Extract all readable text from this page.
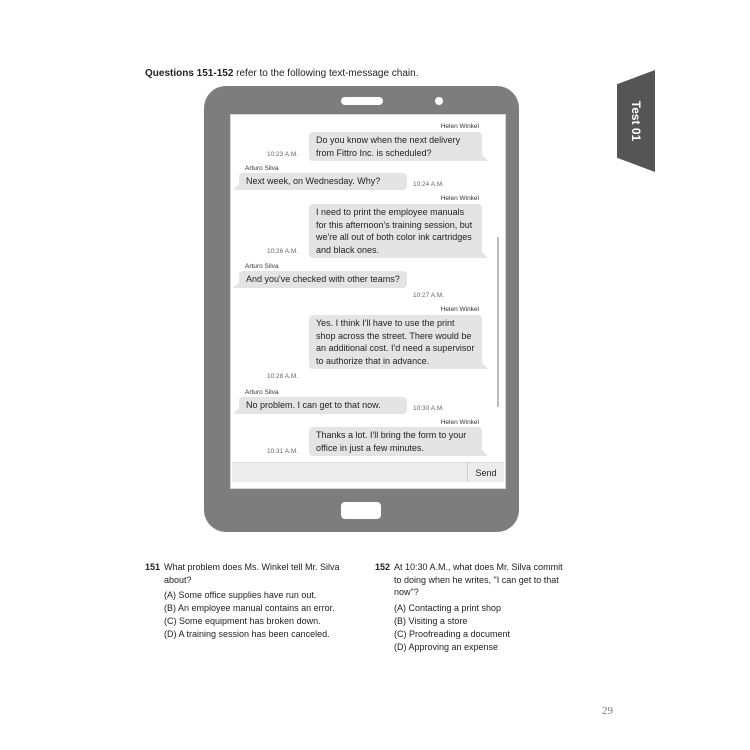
Questions 151-152 refer to the following text-message chain.
Test 01
Helen Winkel
Do you know when the next delivery from Fittro Inc. is scheduled?
10:23 A.M.
Arturo Silva
Next week, on Wednesday. Why?	10:24 A.M.
Helen Winkel
I need to print the employee manuals for this afternoon's training session, but we're all out of both color ink cartridges and black ones.
10:26 A.M.
Arturo Silva
And you've checked with other teams?
10:27 A.M.
Helen Winkel
Yes. I think I'll have to use the print shop across the street. There would be an additional cost. I'd need a supervisor to authorize that in advance.
10:28 A.M.
Arturo Silva
No problem. I can get to that now.	10:30 A.M.
Helen Winkel
Thanks a lot. I'll bring the form to your office in just a few minutes.
10:31 A.M.
Send
151 What problem does Ms. Winkel tell Mr. Silva about?
(A) Some office supplies have run out.
(B) An employee manual contains an error.
(C) Some equipment has broken down.
(D) A training session has been canceled.
152 At 10:30 A.M., what does Mr. Silva commit to doing when he writes, "I can get to that now"?
(A) Contacting a print shop
(B) Visiting a store
(C) Proofreading a document
(D) Approving an expense
29
